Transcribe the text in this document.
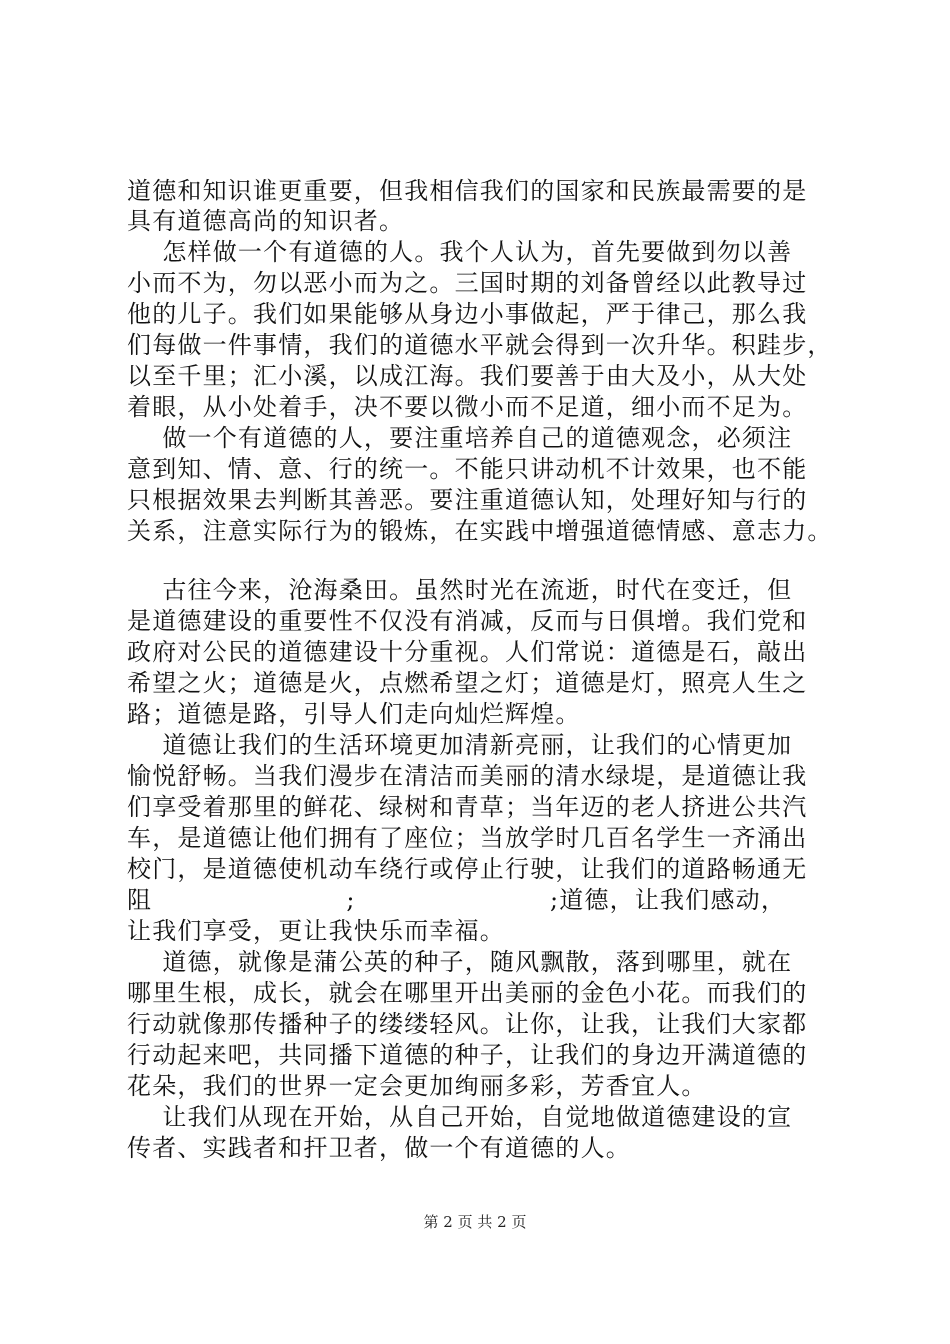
道德和知识谁更重要，但我相信我们的国家和民族最需要的是
具有道德高尚的知识者。
怎样做一个有道德的人。我个人认为，首先要做到勿以善
小而不为，勿以恶小而为之。三国时期的刘备曾经以此教导过
他的儿子。我们如果能够从身边小事做起，严于律己，那么我
们每做一件事情，我们的道德水平就会得到一次升华。积跬步，
以至千里；汇小溪，以成江海。我们要善于由大及小，从大处
着眼，从小处着手，决不要以微小而不足道，细小而不足为。
做一个有道德的人，要注重培养自己的道德观念，必须注
意到知、情、意、行的统一。不能只讲动机不计效果，也不能
只根据效果去判断其善恶。要注重道德认知，处理好知与行的
关系，注意实际行为的锻炼，在实践中增强道德情感、意志力。
古往今来，沧海桑田。虽然时光在流逝，时代在变迁，但
是道德建设的重要性不仅没有消减，反而与日俱增。我们党和
政府对公民的道德建设十分重视。人们常说：道德是石，敲出
希望之火；道德是火，点燃希望之灯；道德是灯，照亮人生之
路；道德是路，引导人们走向灿烂辉煌。
道德让我们的生活环境更加清新亮丽，让我们的心情更加
愉悦舒畅。当我们漫步在清洁而美丽的清水绿堤，是道德让我
们享受着那里的鲜花、绿树和青草；当年迈的老人挤进公共汽
车，是道德让他们拥有了座位；当放学时几百名学生一齐涌出
校门，是道德使机动车绕行或停止行驶，让我们的道路畅通无
阻                      ;                      ;道德，让我们感动，
让我们享受，更让我快乐而幸福。
道德，就像是蒲公英的种子，随风飘散，落到哪里，就在
哪里生根，成长，就会在哪里开出美丽的金色小花。而我们的
行动就像那传播种子的缕缕轻风。让你，让我，让我们大家都
行动起来吧，共同播下道德的种子，让我们的身边开满道德的
花朵，我们的世界一定会更加绚丽多彩，芳香宜人。
让我们从现在开始，从自己开始，自觉地做道德建设的宣
传者、实践者和扞卫者，做一个有道德的人。
第 2 页 共 2 页
